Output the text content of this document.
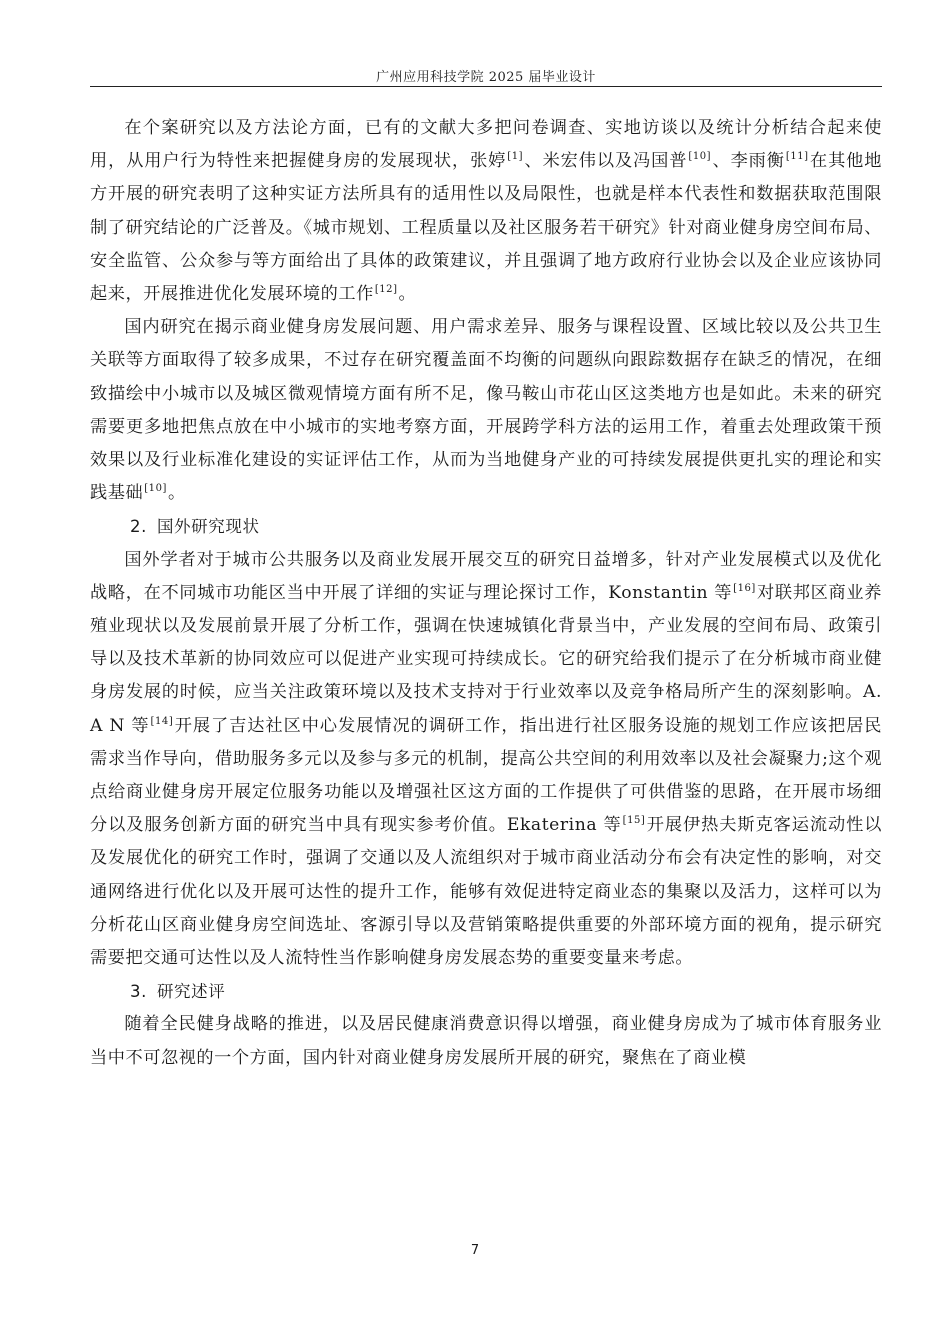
广州应用科技学院 2025 届毕业设计

在个案研究以及方法论方面，已有的文献大多把问卷调查、实地访谈以及统计分析结合起来使用，从用户行为特性来把握健身房的发展现状，张婷[1]、米宏伟以及冯国普[10]、李雨衡[11]在其他地方开展的研究表明了这种实证方法所具有的适用性以及局限性，也就是样本代表性和数据获取范围限制了研究结论的广泛普及。《城市规划、工程质量以及社区服务若干研究》针对商业健身房空间布局、安全监管、公众参与等方面给出了具体的政策建议，并且强调了地方政府行业协会以及企业应该协同起来，开展推进优化发展环境的工作[12]。

国内研究在揭示商业健身房发展问题、用户需求差异、服务与课程设置、区域比较以及公共卫生关联等方面取得了较多成果，不过存在研究覆盖面不均衡的问题纵向跟踪数据存在缺乏的情况，在细致描绘中小城市以及城区微观情境方面有所不足，像马鞍山市花山区这类地方也是如此。未来的研究需要更多地把焦点放在中小城市的实地考察方面，开展跨学科方法的运用工作，着重去处理政策干预效果以及行业标准化建设的实证评估工作，从而为当地健身产业的可持续发展提供更扎实的理论和实践基础[10]。

2. 国外研究现状

国外学者对于城市公共服务以及商业发展开展交互的研究日益增多，针对产业发展模式以及优化战略，在不同城市功能区当中开展了详细的实证与理论探讨工作，Konstantin 等[16]对联邦区商业养殖业现状以及发展前景开展了分析工作，强调在快速城镇化背景当中，产业发展的空间布局、政策引导以及技术革新的协同效应可以促进产业实现可持续成长。它的研究给我们提示了在分析城市商业健身房发展的时候，应当关注政策环境以及技术支持对于行业效率以及竞争格局所产生的深刻影响。A. A N 等[14]开展了吉达社区中心发展情况的调研工作，指出进行社区服务设施的规划工作应该把居民需求当作导向，借助服务多元以及参与多元的机制，提高公共空间的利用效率以及社会凝聚力;这个观点给商业健身房开展定位服务功能以及增强社区这方面的工作提供了可供借鉴的思路，在开展市场细分以及服务创新方面的研究当中具有现实参考价值。Ekaterina 等[15]开展伊热夫斯克客运流动性以及发展优化的研究工作时，强调了交通以及人流组织对于城市商业活动分布会有决定性的影响，对交通网络进行优化以及开展可达性的提升工作，能够有效促进特定商业态的集聚以及活力，这样可以为分析花山区商业健身房空间选址、客源引导以及营销策略提供重要的外部环境方面的视角，提示研究需要把交通可达性以及人流特性当作影响健身房发展态势的重要变量来考虑。

3. 研究述评

随着全民健身战略的推进，以及居民健康消费意识得以增强，商业健身房成为了城市体育服务业当中不可忽视的一个方面，国内针对商业健身房发展所开展的研究，聚焦在了商业模

7
